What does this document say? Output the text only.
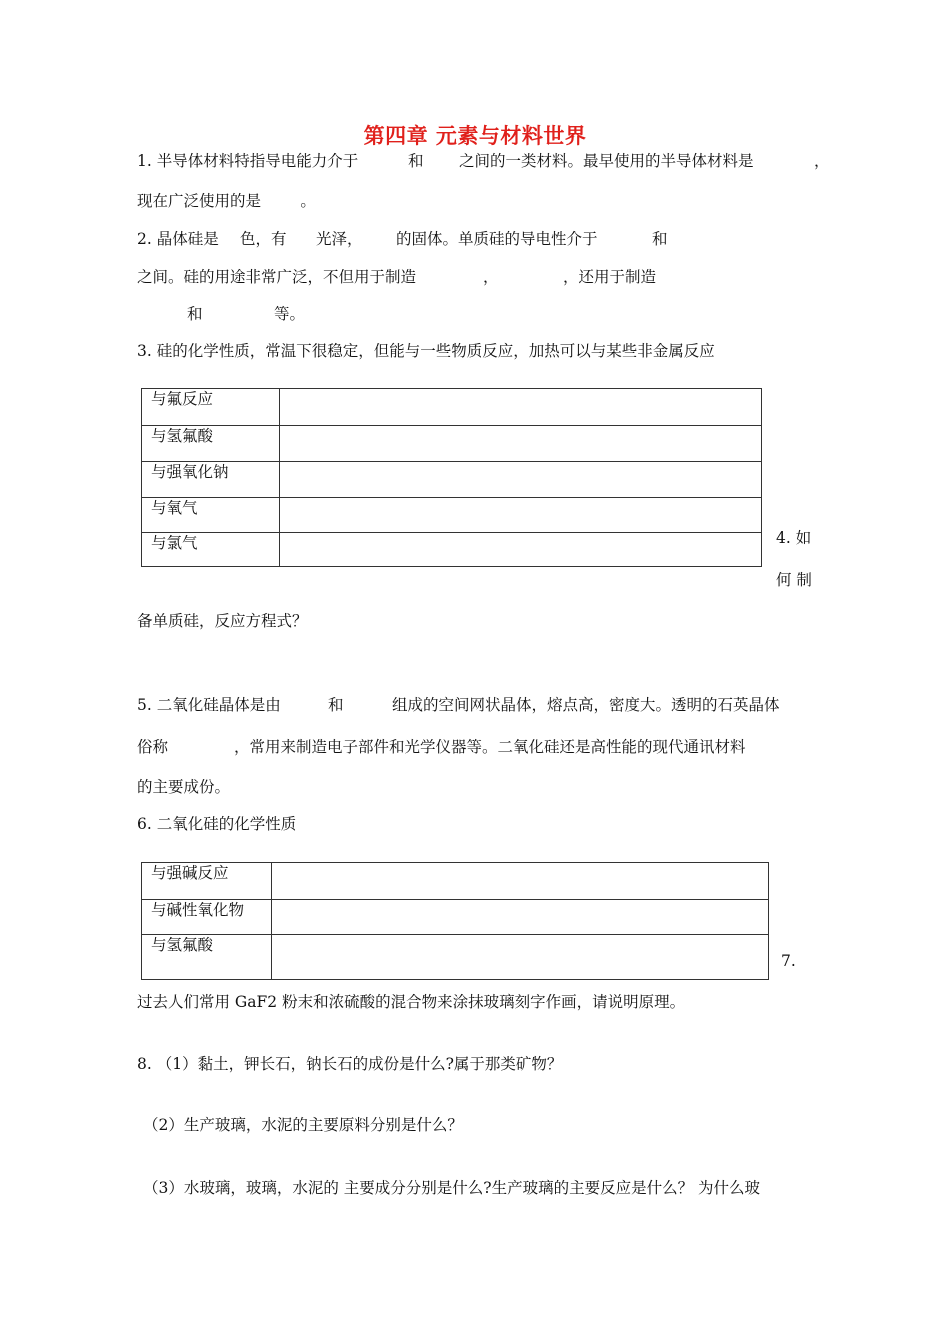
第四章 元素与材料世界
1. 半导体材料特指导电能力介于	和 之间的一类材料。最早使用的半导体材料是	，
现在广泛使用的是        。
2. 晶体硅是 色，有 光泽， 的固体。单质硅的导电性介于	和
之间。硅的用途非常广泛，不但用于制造	，	，还用于制造
和	等。
3. 硅的化学性质，常温下很稳定，但能与一些物质反应，加热可以与某些非金属反应
与氟反应	
与氢氟酸	
与强氧化钠	
与氧气	
与氯气		4. 如
何 制
备单质硅，反应方程式？
5. 二氧化硅晶体是由	和	组成的空间网状晶体，熔点高，密度大。透明的石英晶体
俗称	，常用来制造电子部件和光学仪器等。二氧化硅还是高性能的现代通讯材料
的主要成份。
6. 二氧化硅的化学性质
与强碱反应	
与碱性氧化物	
与氢氟酸	
7.
过去人们常用 GaF2 粉末和浓硫酸的混合物来涂抹玻璃刻字作画，请说明原理。
8. （1）黏土，钾长石，钠长石的成份是什么?属于那类矿物？
（2）生产玻璃，水泥的主要原料分别是什么？
（3）水玻璃，玻璃，水泥的 主要成分分别是什么?生产玻璃的主要反应是什么？ 为什么玻
